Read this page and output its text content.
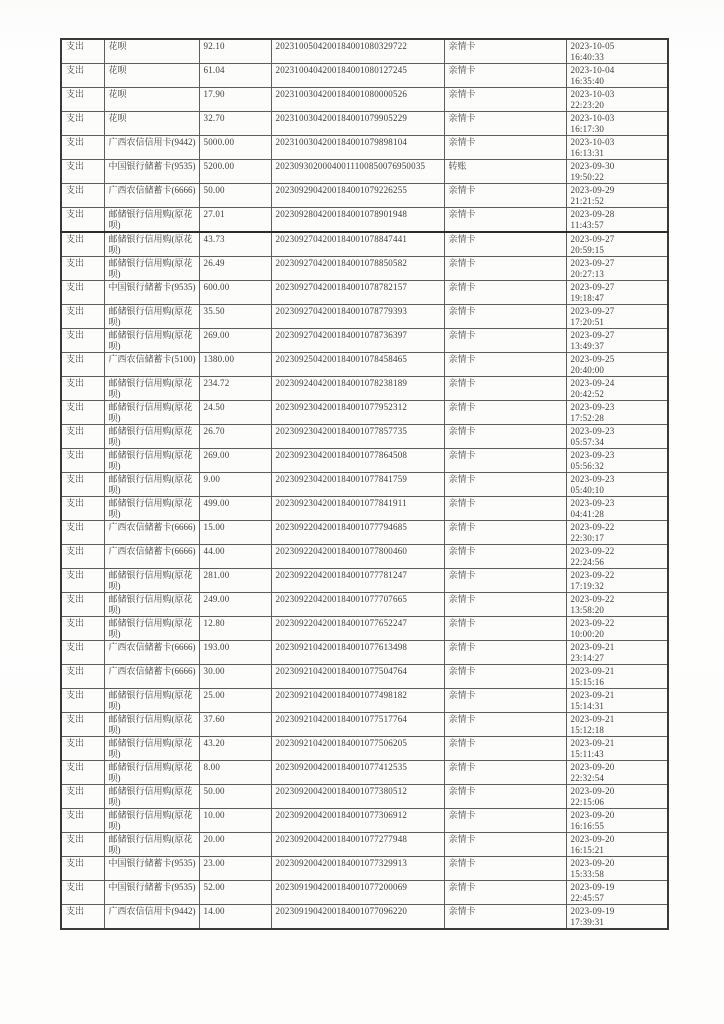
支出	花呗	92.10	2023100504200184001080329722	亲情卡	2023-10-05
16:40:33

支出	花呗	61.04	2023100404200184001080127245	亲情卡	2023-10-04
16:35:40

支出	花呗	17.90	2023100304200184001080000526	亲情卡	2023-10-03
22:23:20

支出	花呗	32.70	2023100304200184001079905229	亲情卡	2023-10-03
16:17:30

支出	广西农信信用卡(9442)	5000.00	2023100304200184001079898104	亲情卡	2023-10-03
16:13:31

支出	中国银行储蓄卡(9535)	5200.00	20230930200040011100850076950035	转账	2023-09-30
19:50:22

支出	广西农信储蓄卡(6666)	50.00	2023092904200184001079226255	亲情卡	2023-09-29
21:21:52

支出	邮储银行信用购(原花呗)	27.01	2023092804200184001078901948	亲情卡	2023-09-28
11:43:57

支出	邮储银行信用购(原花呗)	43.73	2023092704200184001078847441	亲情卡	2023-09-27
20:59:15

支出	邮储银行信用购(原花呗)	26.49	2023092704200184001078850582	亲情卡	2023-09-27
20:27:13

支出	中国银行储蓄卡(9535)	600.00	2023092704200184001078782157	亲情卡	2023-09-27
19:18:47

支出	邮储银行信用购(原花呗)	35.50	2023092704200184001078779393	亲情卡	2023-09-27
17:20:51

支出	邮储银行信用购(原花呗)	269.00	2023092704200184001078736397	亲情卡	2023-09-27
13:49:37

支出	广西农信储蓄卡(5100)	1380.00	2023092504200184001078458465	亲情卡	2023-09-25
20:40:00

支出	邮储银行信用购(原花呗)	234.72	2023092404200184001078238189	亲情卡	2023-09-24
20:42:52

支出	邮储银行信用购(原花呗)	24.50	2023092304200184001077952312	亲情卡	2023-09-23
17:52:28

支出	邮储银行信用购(原花呗)	26.70	2023092304200184001077857735	亲情卡	2023-09-23
05:57:34

支出	邮储银行信用购(原花呗)	269.00	2023092304200184001077864508	亲情卡	2023-09-23
05:56:32

支出	邮储银行信用购(原花呗)	9.00	2023092304200184001077841759	亲情卡	2023-09-23
05:40:10

支出	邮储银行信用购(原花呗)	499.00	2023092304200184001077841911	亲情卡	2023-09-23
04:41:28

支出	广西农信储蓄卡(6666)	15.00	2023092204200184001077794685	亲情卡	2023-09-22
22:30:17

支出	广西农信储蓄卡(6666)	44.00	2023092204200184001077800460	亲情卡	2023-09-22
22:24:56

支出	邮储银行信用购(原花呗)	281.00	2023092204200184001077781247	亲情卡	2023-09-22
17:19:32

支出	邮储银行信用购(原花呗)	249.00	2023092204200184001077707665	亲情卡	2023-09-22
13:58:20

支出	邮储银行信用购(原花呗)	12.80	2023092204200184001077652247	亲情卡	2023-09-22
10:00:20

支出	广西农信储蓄卡(6666)	193.00	2023092104200184001077613498	亲情卡	2023-09-21
23:14:27

支出	广西农信储蓄卡(6666)	30.00	2023092104200184001077504764	亲情卡	2023-09-21
15:15:16

支出	邮储银行信用购(原花呗)	25.00	2023092104200184001077498182	亲情卡	2023-09-21
15:14:31

支出	邮储银行信用购(原花呗)	37.60	2023092104200184001077517764	亲情卡	2023-09-21
15:12:18

支出	邮储银行信用购(原花呗)	43.20	2023092104200184001077506205	亲情卡	2023-09-21
15:11:43

支出	邮储银行信用购(原花呗)	8.00	2023092004200184001077412535	亲情卡	2023-09-20
22:32:54

支出	邮储银行信用购(原花呗)	50.00	2023092004200184001077380512	亲情卡	2023-09-20
22:15:06

支出	邮储银行信用购(原花呗)	10.00	2023092004200184001077306912	亲情卡	2023-09-20
16:16:55

支出	邮储银行信用购(原花呗)	20.00	2023092004200184001077277948	亲情卡	2023-09-20
16:15:21

支出	中国银行储蓄卡(9535)	23.00	2023092004200184001077329913	亲情卡	2023-09-20
15:33:58

支出	中国银行储蓄卡(9535)	52.00	2023091904200184001077200069	亲情卡	2023-09-19
22:45:57

支出	广西农信信用卡(9442)	14.00	2023091904200184001077096220	亲情卡	2023-09-19
17:39:31
